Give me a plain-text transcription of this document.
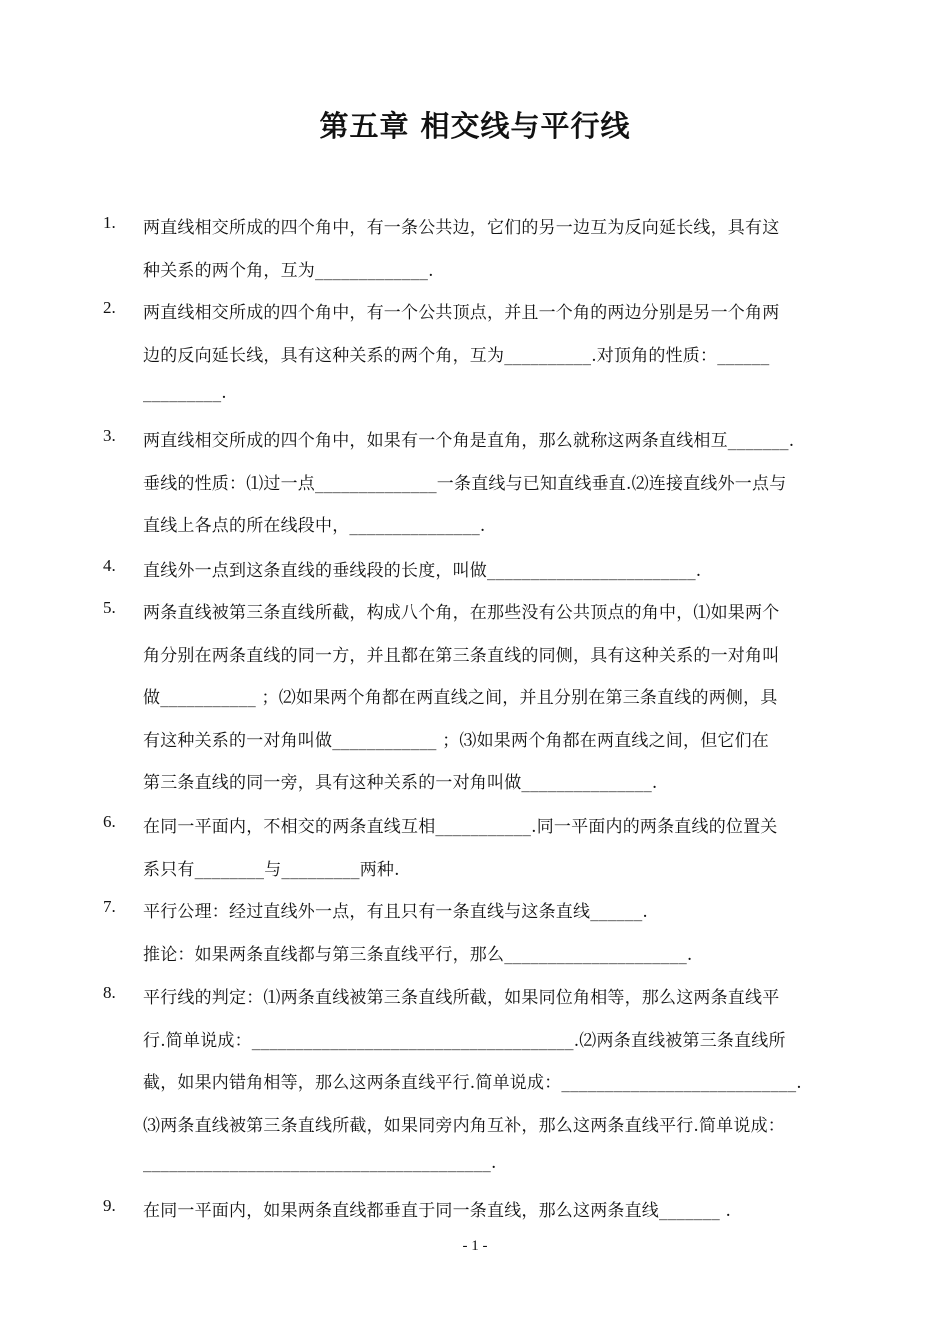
第五章 相交线与平行线
1. 两直线相交所成的四个角中，有一条公共边，它们的另一边互为反向延长线，具有这
种关系的两个角，互为_____________.
2. 两直线相交所成的四个角中，有一个公共顶点，并且一个角的两边分别是另一个角两
边的反向延长线，具有这种关系的两个角，互为__________.对顶角的性质：______
_________.
3. 两直线相交所成的四个角中，如果有一个角是直角，那么就称这两条直线相互_______.
垂线的性质：⑴过一点______________一条直线与已知直线垂直.⑵连接直线外一点与
直线上各点的所在线段中，_______________.
4. 直线外一点到这条直线的垂线段的长度，叫做________________________.
5. 两条直线被第三条直线所截，构成八个角，在那些没有公共顶点的角中，⑴如果两个
角分别在两条直线的同一方，并且都在第三条直线的同侧，具有这种关系的一对角叫
做___________ ；⑵如果两个角都在两直线之间，并且分别在第三条直线的两侧，具
有这种关系的一对角叫做____________ ；⑶如果两个角都在两直线之间，但它们在
第三条直线的同一旁，具有这种关系的一对角叫做_______________.
6. 在同一平面内，不相交的两条直线互相___________.同一平面内的两条直线的位置关
系只有________与_________两种.
7. 平行公理：经过直线外一点，有且只有一条直线与这条直线______.
推论：如果两条直线都与第三条直线平行，那么_____________________.
8. 平行线的判定：⑴两条直线被第三条直线所截，如果同位角相等，那么这两条直线平
行.简单说成：_____________________________________.⑵两条直线被第三条直线所
截，如果内错角相等，那么这两条直线平行.简单说成：___________________________.
⑶两条直线被第三条直线所截，如果同旁内角互补，那么这两条直线平行.简单说成：
________________________________________.
9. 在同一平面内，如果两条直线都垂直于同一条直线，那么这两条直线_______ .
- 1 -
